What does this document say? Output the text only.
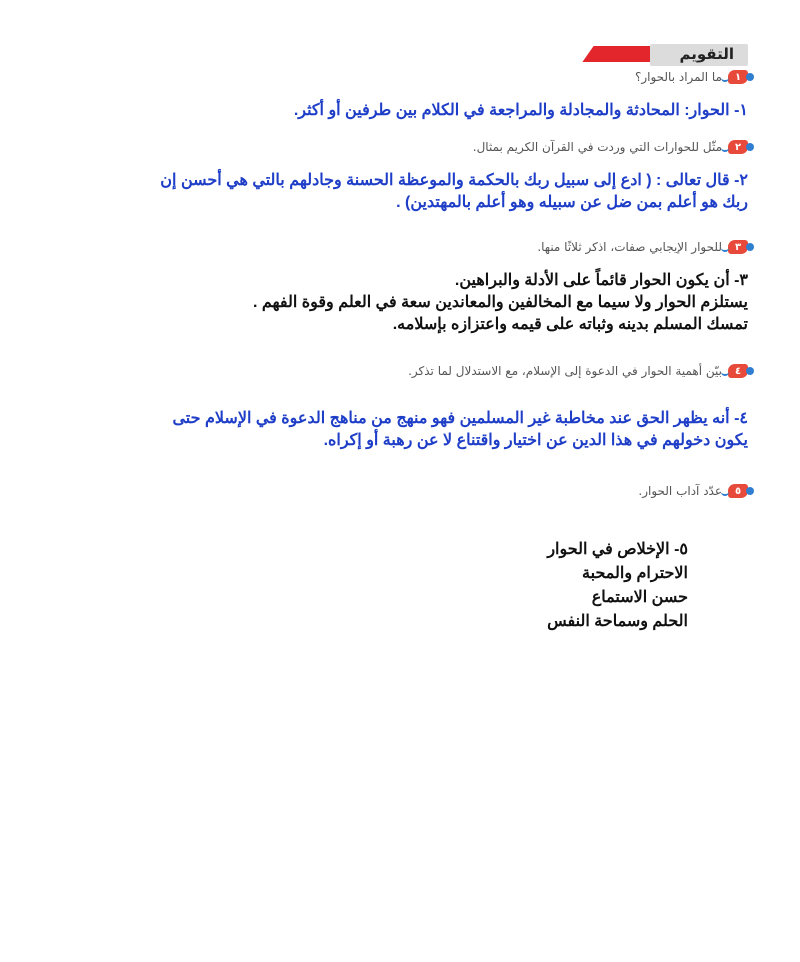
التقويم
١
ما المراد بالحوار؟
١- الحوار: المحادثة والمجادلة والمراجعة في الكلام بين طرفين أو أكثر.
٢
مثّل للحوارات التي وردت في القرآن الكريم بمثال.
٢- قال تعالى : ( ادع إلى سبيل ربك بالحكمة والموعظة الحسنة وجادلهم بالتي هي أحسن إن
ربك هو أعلم بمن ضل عن سبيله وهو أعلم بالمهتدين) .
٣
للحوار الإيجابي صفات، اذكر ثلاثًا منها.
٣- أن يكون الحوار قائماً على الأدلة والبراهين.
يستلزم الحوار ولا سيما مع المخالفين والمعاندين سعة في العلم وقوة الفهم .
تمسك المسلم بدينه وثباته على قيمه واعتزازه بإسلامه.
٤
بيّن أهمية الحوار في الدعوة إلى الإسلام، مع الاستدلال لما تذكر.
٤- أنه يظهر الحق عند مخاطبة غير المسلمين فهو منهج من مناهج الدعوة في الإسلام حتى
يكون دخولهم في هذا الدين عن اختيار واقتناع لا عن رهبة أو إكراه.
٥
عدّد آداب الحوار.
٥- الإخلاص في الحوار
الاحترام والمحبة
حسن الاستماع
الحلم وسماحة النفس
